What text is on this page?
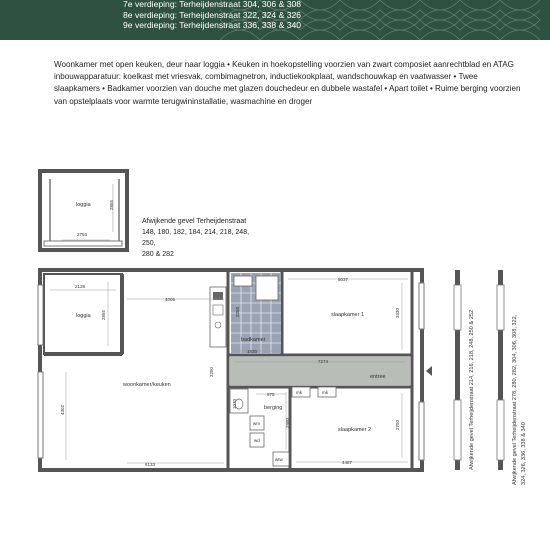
7e verdieping: Terheijdenstraat 304, 306 & 308
8e verdieping: Terheijdenstraat 322, 324 & 326
9e verdieping: Terheijdenstraat 336, 338 & 340
Woonkamer met open keuken, deur naar loggia • Keuken in hoekopstelling voorzien van zwart composiet aanrechtblad en ATAG inbouwapparatuur: koelkast met vriesvak, combimagnetron, inductiekookplaat, wandschouwkap en vaatwasser • Twee slaapkamers • Badkamer voorzien van douche met glazen douchedeur en dubbele wastafel • Apart toilet • Ruime berging voorzien van opstelplaats voor warmte terugwininstallatie, wasmachine en droger
Afwijkende gevel Terheijdenstraat
148, 180, 182, 184, 214, 218, 248, 250,
280 & 282
loggia
2793
2855
loggia
woonkamer/keuken
badkamer
slaapkamer 1
entree
berging
slaapkamer 2
wm
wd
wtw
mk	mk
2128
2855
4005
6133
4302
2250
2250
1830
5037
3330
7274
1070
975
2980
4487
2750	Afwijkende gevel Terheijdenstraat 214, 216, 218, 248, 250 & 252	Afwijkende gevel Terheijdenstraat 278, 280, 282, 304, 306, 308, 322, 324, 326, 336, 338 & 340
